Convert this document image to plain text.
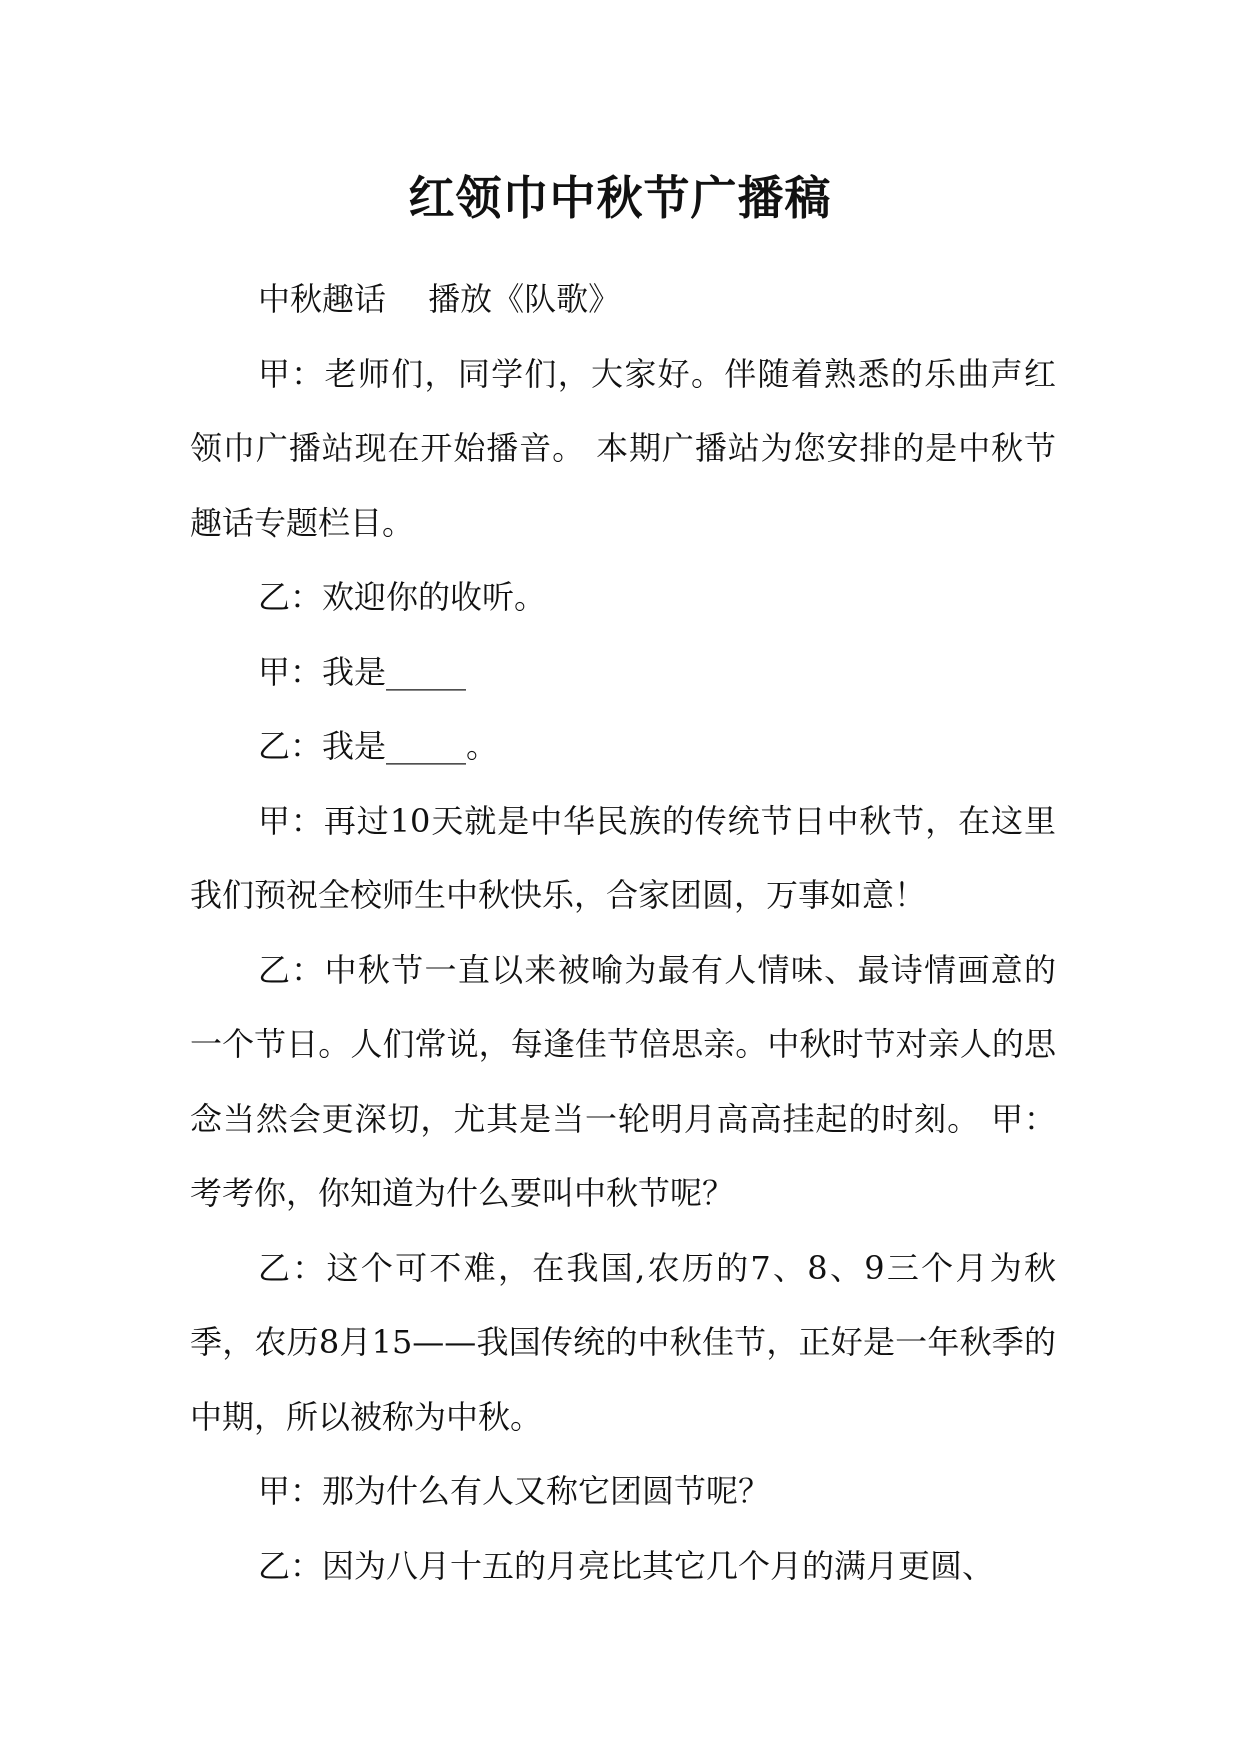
红领巾中秋节广播稿

中秋趣话　 播放《队歌》

甲：老师们，同学们，大家好。伴随着熟悉的乐曲声红领巾广播站现在开始播音。 本期广播站为您安排的是中秋节趣话专题栏目。

乙：欢迎你的收听。

甲：我是_____

乙：我是_____。

甲：再过10天就是中华民族的传统节日中秋节，在这里我们预祝全校师生中秋快乐，合家团圆，万事如意！

乙：中秋节一直以来被喻为最有人情味、最诗情画意的一个节日。人们常说，每逢佳节倍思亲。中秋时节对亲人的思念当然会更深切，尤其是当一轮明月高高挂起的时刻。 甲：考考你，你知道为什么要叫中秋节呢？

乙：这个可不难，在我国,农历的7、8、9三个月为秋季，农历8月15——我国传统的中秋佳节，正好是一年秋季的中期，所以被称为中秋。

甲：那为什么有人又称它团圆节呢？

乙：因为八月十五的月亮比其它几个月的满月更圆、
